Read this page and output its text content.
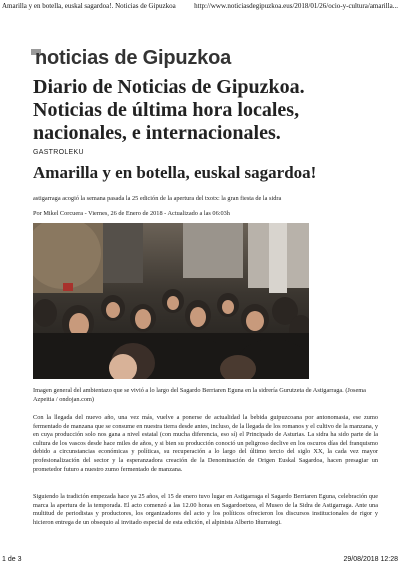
Amarilla y en botella, euskal sagardoa!. Noticias de Gipuzkoa	http://www.noticiasdegipuzkoa.eus/2018/01/26/ocio-y-cultura/amarilla...
noticias de Gipuzkoa
Diario de Noticias de Gipuzkoa. Noticias de última hora locales, nacionales, e internacionales.
GASTROLEKU
Amarilla y en botella, euskal sagardoa!
astigarraga acogió la semana pasada la 25 edición de la apertura del txotx: la gran fiesta de la sidra
Por Mikel Corcuera - Viernes, 26 de Enero de 2018 - Actualizado a las 06:03h
Imagen general del ambientazo que se vivió a lo largo del Sagardo Berriaren Eguna en la sidrería Gurutzeta de Astigarraga. (Josema Azpeitia / ondojan.com)

Con la llegada del nuevo año, una vez más, vuelve a ponerse de actualidad la bebida guipuzcoana por antonomasia, ese zumo fermentado de manzana que se consume en nuestra tierra desde antes, incluso, de la llegada de los romanos y el cultivo de la manzana, y en cuya producción solo nos gana a nivel estatal (con mucha diferencia, eso sí) el Principado de Asturias. La sidra ha sido parte de la cultura de los vascos desde hace miles de años, y si bien su producción conoció un peligroso declive en los oscuros días del franquismo debido a circunstancias económicas y políticas, su recuperación a lo largo del último tercio del siglo XX, la cada vez mayor profesionalización del sector y la esperanzadora creación de la Denominación de Origen Euskal Sagardoa, hacen presagiar un prometedor futuro a nuestro zumo fermentado de manzana.

Siguiendo la tradición empezada hace ya 25 años, el 15 de enero tuvo lugar en Astigarraga el Sagardo Berriaren Eguna, celebración que marca la apertura de la temporada. El acto comenzó a las 12.00 horas en Sagardoetxea, el Museo de la Sidra de Astigarraga. Ante una multitud de periodistas y productores, los organizadores del acto y los políticos ofrecieron los discursos institucionales de rigor y hicieron entrega de un obsequio al invitado especial de esta edición, el alpinista Alberto Iñurrategi.

1 de 3	29/08/2018 12:28
